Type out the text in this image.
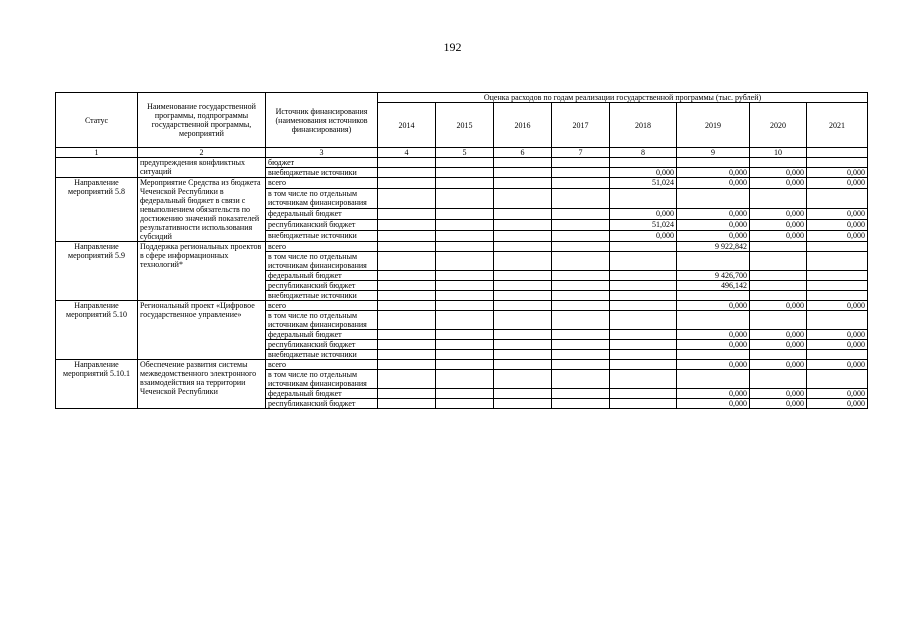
192
Статус	Наименование государственной программы, подпрограммы государственной программы, мероприятий	Источник финансирования (наименования источников финансирования)	Оценка расходов по годам реализации государственной программы (тыс. рублей)							
			2014	2015	2016	2017	2018	2019	2020	2021
1	2	3	4	5	6	7	8	9	10	
	предупреждения конфликтных ситуаций	бюджет								
		внебюджетные источники					0,000	0,000	0,000	0,000
Направление мероприятий 5.8	Мероприятие Средства из бюджета Чеченской Республики в федеральный бюджет в связи с невыполнением обязательств по достижению значений показателей результативности использования субсидий	всего					51,024	0,000	0,000	0,000
		в том числе по отдельным источникам финансирования								
		федеральный бюджет					0,000	0,000	0,000	0,000
		республиканский бюджет					51,024	0,000	0,000	0,000
		внебюджетные источники					0,000	0,000	0,000	0,000
Направление мероприятий 5.9	Поддержка региональных проектов в сфере информационных технологий*	всего						9 922,842		
		в том числе по отдельным источникам финансирования								
		федеральный бюджет						9 426,700		
		республиканский бюджет						496,142		
		внебюджетные источники								
Направление мероприятий 5.10	Региональный проект «Цифровое государственное управление»	всего						0,000	0,000	0,000
		в том числе по отдельным источникам финансирования								
		федеральный бюджет						0,000	0,000	0,000
		республиканский бюджет						0,000	0,000	0,000
		внебюджетные источники								
Направление мероприятий 5.10.1	Обеспечение развития системы межведомственного электронного взаимодействия на территории Чеченской Республики	всего						0,000	0,000	0,000
		в том числе по отдельным источникам финансирования								
		федеральный бюджет						0,000	0,000	0,000
		республиканский бюджет						0,000	0,000	0,000
